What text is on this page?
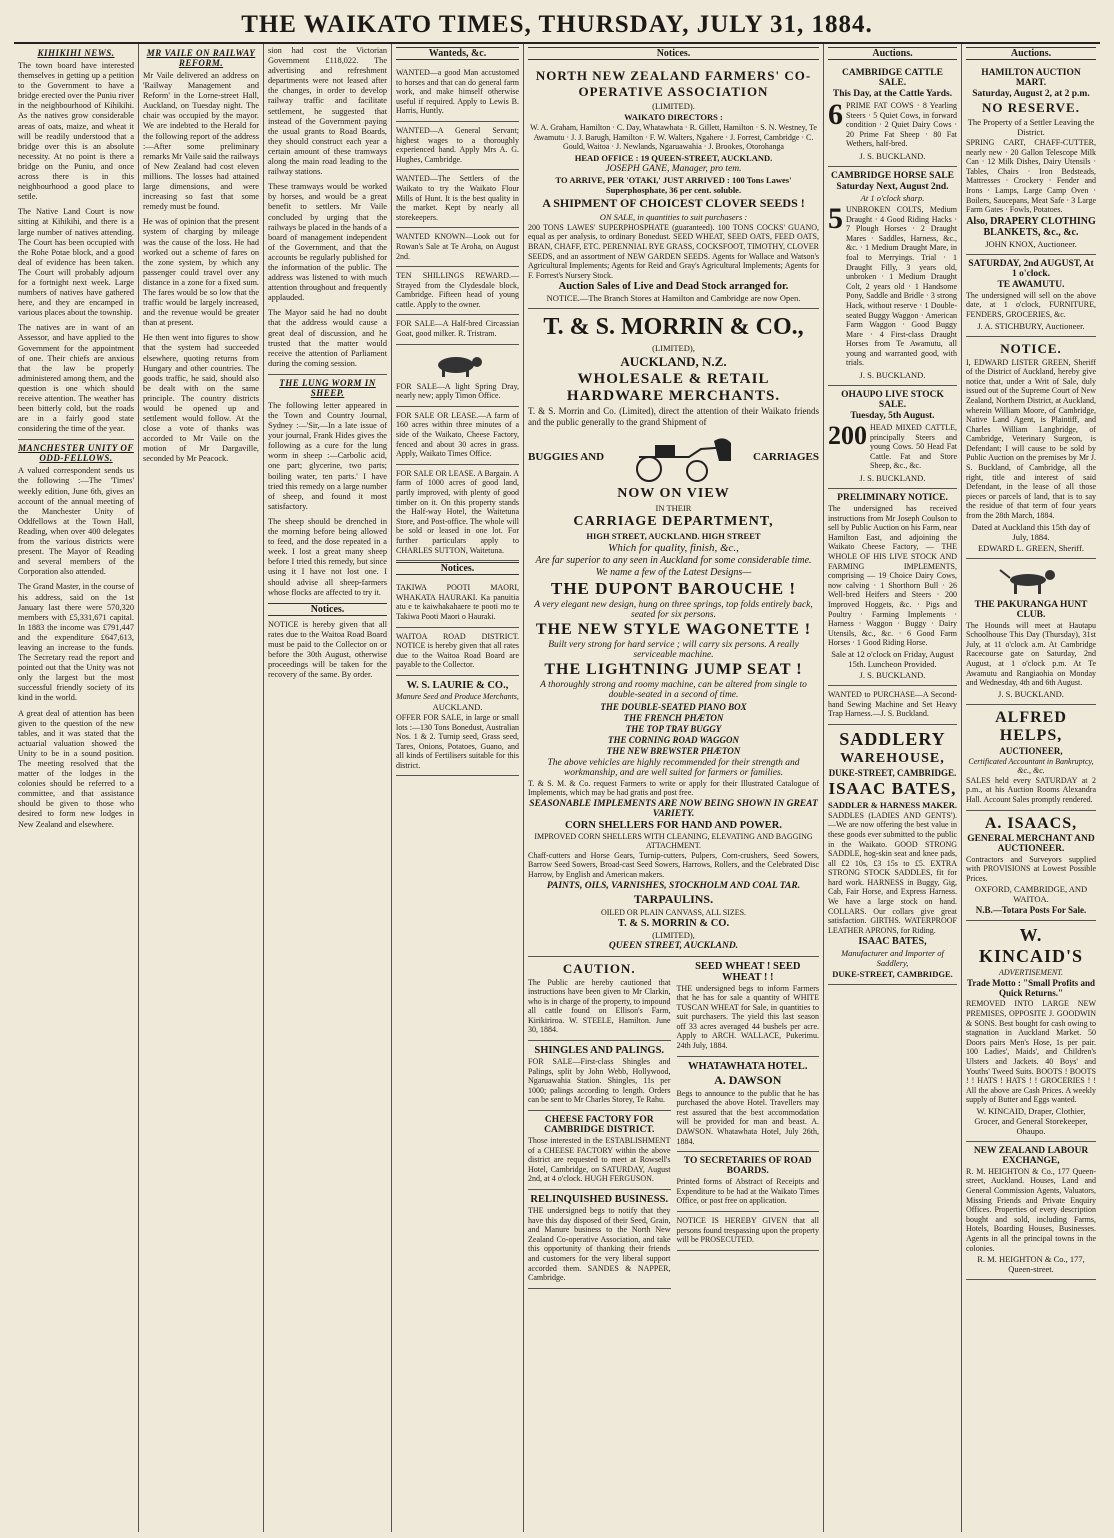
THE WAIKATO TIMES, THURSDAY, JULY 31, 1884.
KIHIKIHI NEWS.

The town board have interested themselves in getting up a petition to the Government to have a bridge erected over the Puniu river in the neighbourhood of Kihikihi. As the natives grow considerable areas of oats, maize, and wheat it will be readily understood that a bridge over this is an absolute necessity. At no point is there a bridge on the Puniu, and once across there is in this neighbourhood a good place to settle.

The Native Land Court is now sitting at Kihikihi, and there is a large number of natives attending. The Court has been occupied with the Rohe Potae block, and a good deal of evidence has been taken. The Court will probably adjourn for a fortnight next week. Large numbers of natives have gathered here, and they are encamped in various places about the township.

The natives are in want of an Assessor, and have applied to the Government for the appointment of one. Their chiefs are anxious that the law be properly administered among them, and the question is one which should receive attention. The weather has been bitterly cold, but the roads are in a fairly good state considering the time of the year.

MANCHESTER UNITY OF ODD-FELLOWS.

A valued correspondent sends us the following :—The 'Times' weekly edition, June 6th, gives an account of the annual meeting of the Manchester Unity of Oddfellows at the Town Hall, Reading, when over 400 delegates from the various districts were present. The Mayor of Reading and several members of the Corporation also attended.

The Grand Master, in the course of his address, said on the 1st January last there were 570,320 members with £5,331,671 capital. In 1883 the income was £791,447 and the expenditure £647,613, leaving an increase to the funds. The Secretary read the report and pointed out that the Unity was not only the largest but the most successful friendly society of its kind in the world.

A great deal of attention has been given to the question of the new tables, and it was stated that the actuarial valuation showed the Unity to be in a sound position. The meeting resolved that the matter of the lodges in the colonies should be referred to a committee, and that assistance should be given to those who desired to form new lodges in New Zealand and elsewhere.

MR VAILE ON RAILWAY REFORM.

Mr Vaile delivered an address on 'Railway Management and Reform' in the Lorne-street Hall, Auckland, on Tuesday night. The chair was occupied by the mayor. We are indebted to the Herald for the following report of the address :—After some preliminary remarks Mr Vaile said the railways of New Zealand had cost eleven millions. The losses had attained large dimensions, and were increasing so fast that some remedy must be found.

He was of opinion that the present system of charging by mileage was the cause of the loss. He had worked out a scheme of fares on the zone system, by which any passenger could travel over any distance in a zone for a fixed sum. The fares would be so low that the traffic would be largely increased, and the revenue would be greater than at present.

He then went into figures to show that the system had succeeded elsewhere, quoting returns from Hungary and other countries. The goods traffic, he said, should also be dealt with on the same principle. The country districts would be opened up and settlement would follow. At the close a vote of thanks was accorded to Mr Vaile on the motion of Mr Dargaville, seconded by Mr Peacock.

sion had cost the Victorian Government £118,022. The advertising and refreshment departments were not leased after the changes, in order to develop railway traffic and facilitate settlement, he suggested that instead of the Government paying the usual grants to Road Boards, they should construct each year a certain amount of these tramways along the main road leading to the railway stations.

These tramways would be worked by horses, and would be a great benefit to settlers. Mr Vaile concluded by urging that the railways be placed in the hands of a board of management independent of the Government, and that the accounts be regularly published for the information of the public. The address was listened to with much attention throughout and frequently applauded.

The Mayor said he had no doubt that the address would cause a great deal of discussion, and he trusted that the matter would receive the attention of Parliament during the coming session.

THE LUNG WORM IN SHEEP.

The following letter appeared in the Town and Country Journal, Sydney :—'Sir,—In a late issue of your journal, Frank Hides gives the following as a cure for the lung worm in sheep :—Carbolic acid, one part; glycerine, two parts; boiling water, ten parts.' I have tried this remedy on a large number of sheep, and found it most satisfactory.

The sheep should be drenched in the morning before being allowed to feed, and the dose repeated in a week. I lost a great many sheep before I tried this remedy, but since using it I have not lost one. I should advise all sheep-farmers whose flocks are affected to try it.

Notices.

NOTICE is hereby given that all rates due to the Waitoa Road Board must be paid to the Collector on or before the 30th August, otherwise proceedings will be taken for the recovery of the same. By order.

Wanteds, &c.
WANTED—a good Man accustomed to horses and that can do general farm work, and make himself otherwise useful if required. Apply to Lewis B. Harris, Huntly.
WANTED—A General Servant; highest wages to a thoroughly experienced hand. Apply Mrs A. G. Hughes, Cambridge.
WANTED—The Settlers of the Waikato to try the Waikato Flour Mills of Hunt. It is the best quality in the market. Kept by nearly all storekeepers.
WANTED KNOWN—Look out for Rowan's Sale at Te Aroha, on August 2nd.
TEN SHILLINGS REWARD.—Strayed from the Clydesdale block, Cambridge. Fifteen head of young cattle. Apply to the owner.
FOR SALE—A Half-bred Circassian Goat, good milker. R. Tristram.
FOR SALE—A light Spring Dray, nearly new; apply Timon Office.
FOR SALE OR LEASE.—A farm of 160 acres within three minutes of a side of the Waikato, Cheese Factory, fenced and about 30 acres in grass. Apply, Waikato Times Office.
FOR SALE OR LEASE. A Bargain. A farm of 1000 acres of good land, partly improved, with plenty of good timber on it. On this property stands the Half-way Hotel, the Waitetuna Store, and Post-office. The whole will be sold or leased in one lot. For further particulars apply to CHARLES SUTTON, Waitetuna.
Notices.
TAKIWA POOTI MAORI, WHAKATA HAURAKI. Ka panuitia atu e te kaiwhakahaere te pooti mo te Takiwa Pooti Maori o Hauraki.
WAITOA ROAD DISTRICT. NOTICE is hereby given that all rates due to the Waitoa Road Board are payable to the Collector.
W. S. LAURIE & CO.,
Manure Seed and Produce Merchants,
AUCKLAND.
OFFER FOR SALE, in large or small lots :—130 Tons Bonedust, Australian Nos. 1 & 2. Turnip seed, Grass seed, Tares, Onions, Potatoes, Guano, and all kinds of Fertilisers suitable for this district.
Notices.
NORTH NEW ZEALAND FARMERS' CO-OPERATIVE ASSOCIATION
(LIMITED).
WAIKATO DIRECTORS :
W. A. Graham, Hamilton · C. Day, Whatawhata · R. Gillett, Hamilton · S. N. Westney, Te Awamutu · J. J. Barugh, Hamilton · F. W. Walters, Ngahere · J. Forrest, Cambridge · C. Gould, Waitoa · J. Newlands, Ngaruawahia · J. Brookes, Otorohanga
HEAD OFFICE : 19 QUEEN-STREET, AUCKLAND.
JOSEPH GANE, Manager, pro tem.
TO ARRIVE, PER 'OTAKI,' JUST ARRIVED : 100 Tons Lawes' Superphosphate, 36 per cent. soluble.
A SHIPMENT OF CHOICEST CLOVER SEEDS !
ON SALE, in quantities to suit purchasers :
200 TONS LAWES' SUPERPHOSPHATE (guaranteed). 100 TONS COCKS' GUANO, equal as per analysis, to ordinary Bonedust. SEED WHEAT, SEED OATS, FEED OATS, BRAN, CHAFF, ETC. PERENNIAL RYE GRASS, COCKSFOOT, TIMOTHY, CLOVER SEEDS, and an assortment of NEW GARDEN SEEDS. Agents for Wallace and Watson's Agricultural Implements; Agents for Reid and Gray's Agricultural Implements; Agents for F. Forrest's Nursery Stock.
Auction Sales of Live and Dead Stock arranged for.
NOTICE.—The Branch Stores at Hamilton and Cambridge are now Open.
T. & S. MORRIN & CO.,
(LIMITED),
AUCKLAND, N.Z.
WHOLESALE & RETAIL HARDWARE MERCHANTS.
T. & S. Morrin and Co. (Limited), direct the attention of their Waikato friends and the public generally to the grand Shipment of
BUGGIES AND	CARRIAGES
NOW ON VIEW
IN THEIR
CARRIAGE DEPARTMENT,
HIGH STREET, AUCKLAND. HIGH STREET
Which for quality, finish, &c.,
Are far superior to any seen in Auckland for some considerable time.
We name a few of the Latest Designs—
THE DUPONT BAROUCHE !
A very elegant new design, hung on three springs, top folds entirely back, seated for six persons.
THE NEW STYLE WAGONETTE !
Built very strong for hard service ; will carry six persons. A really serviceable machine.
THE LIGHTNING JUMP SEAT !
A thoroughly strong and roomy machine, can be altered from single to double-seated in a second of time.
THE DOUBLE-SEATED PIANO BOX
THE FRENCH PHÆTON
THE TOP TRAY BUGGY
THE CORNING ROAD WAGGON
THE NEW BREWSTER PHÆTON
The above vehicles are highly recommended for their strength and workmanship, and are well suited for farmers or families.
T. & S. M. & Co. request Farmers to write or apply for their Illustrated Catalogue of Implements, which may be had gratis and post free.
SEASONABLE IMPLEMENTS ARE NOW BEING SHOWN IN GREAT VARIETY.
CORN SHELLERS FOR HAND AND POWER.
IMPROVED CORN SHELLERS WITH CLEANING, ELEVATING AND BAGGING ATTACHMENT.
Chaff-cutters and Horse Gears, Turnip-cutters, Pulpers, Corn-crushers, Seed Sowers, Barrow Seed Sowers, Broad-cast Seed Sowers, Harrows, Rollers, and the Celebrated Disc Harrow, by English and American makers.
PAINTS, OILS, VARNISHES, STOCKHOLM AND COAL TAR.
TARPAULINS.
OILED OR PLAIN CANVASS, ALL SIZES.
T. & S. MORRIN & CO.
(LIMITED),
QUEEN STREET, AUCKLAND.
CAUTION.
The Public are hereby cautioned that instructions have been given to Mr Clarkin, who is in charge of the property, to impound all cattle found on Ellison's Farm, Kirikiriroa. W. STEELE, Hamilton. June 30, 1884.
SHINGLES AND PALINGS.
FOR SALE—First-class Shingles and Palings, split by John Webb, Hollywood, Ngaruawahia Station. Shingles, 11s per 1000; palings according to length. Orders can be sent to Mr Charles Storey, Te Rahu.
CHEESE FACTORY FOR CAMBRIDGE DISTRICT.
Those interested in the ESTABLISHMENT of a CHEESE FACTORY within the above district are requested to meet at Rowsell's Hotel, Cambridge, on SATURDAY, August 2nd, at 4 o'clock. HUGH FERGUSON.
RELINQUISHED BUSINESS.
THE undersigned begs to notify that they have this day disposed of their Seed, Grain, and Manure business to the North New Zealand Co-operative Association, and take this opportunity of thanking their friends and customers for the very liberal support accorded them. SANDES & NAPPER, Cambridge.
SEED WHEAT ! SEED WHEAT ! !
THE undersigned begs to inform Farmers that he has for sale a quantity of WHITE TUSCAN WHEAT for Sale, in quantities to suit purchasers. The yield this last season off 33 acres averaged 44 bushels per acre. Apply to ARCH. WALLACE, Pukerimu. 24th July, 1884.
WHATAWHATA HOTEL.
A. DAWSON
Begs to announce to the public that he has purchased the above Hotel. Travellers may rest assured that the best accommodation will be provided for man and beast. A. DAWSON. Whatawhata Hotel, July 26th, 1884.
TO SECRETARIES OF ROAD BOARDS.
Printed forms of Abstract of Receipts and Expenditure to be had at the Waikato Times Office, or post free on application.
NOTICE IS HEREBY GIVEN that all persons found trespassing upon the property will be PROSECUTED.
Auctions.
CAMBRIDGE CATTLE SALE.
This Day, at the Cattle Yards.
6 PRIME FAT COWS · 8 Yearling Steers · 5 Quiet Cows, in forward condition · 2 Quiet Dairy Cows · 20 Prime Fat Sheep · 80 Fat Wethers, half-bred.
J. S. BUCKLAND.
CAMBRIDGE HORSE SALE
Saturday Next, August 2nd.
At 1 o'clock sharp.
5 UNBROKEN COLTS, Medium Draught · 4 Good Riding Hacks · 7 Plough Horses · 2 Draught Mares · Saddles, Harness, &c., &c. · 1 Medium Draught Mare, in foal to Merryings. Trial · 1 Draught Filly, 3 years old, unbroken · 1 Medium Draught Colt, 2 years old · 1 Handsome Pony, Saddle and Bridle · 3 strong Hack, without reserve · 1 Double-seated Buggy Waggon · American Farm Waggon · Good Buggy Mare · 4 First-class Draught Horses from Te Awamutu, all young and warranted good, with trials.
J. S. BUCKLAND.
OHAUPO LIVE STOCK SALE.
Tuesday, 5th August.
200 HEAD MIXED CATTLE, principally Steers and young Cows. 50 Head Fat Cattle. Fat and Store Sheep, &c., &c.
J. S. BUCKLAND.
PRELIMINARY NOTICE.
The undersigned has received instructions from Mr Joseph Coulson to sell by Public Auction on his Farm, near Hamilton East, and adjoining the Waikato Cheese Factory, — THE WHOLE OF HIS LIVE STOCK AND FARMING IMPLEMENTS, comprising — 19 Choice Dairy Cows, now calving · 1 Shorthorn Bull · 26 Well-bred Heifers and Steers · 200 Improved Hoggets, &c. · Pigs and Poultry · Farming Implements · Harness · Waggon · Buggy · Dairy Utensils, &c., &c. · 6 Good Farm Horses · 1 Good Riding Horse.
Sale at 12 o'clock on Friday, August 15th. Luncheon Provided.
J. S. BUCKLAND.
WANTED to PURCHASE—A Second-hand Sewing Machine and Set Heavy Trap Harness.—J. S. Buckland.
SADDLERY
WAREHOUSE,
DUKE-STREET, CAMBRIDGE.
ISAAC BATES,
SADDLER & HARNESS MAKER.
SADDLES (LADIES AND GENTS').—We are now offering the best value in these goods ever submitted to the public in the Waikato. GOOD STRONG SADDLE, hog-skin seat and knee pads, all £2 10s, £3 15s to £5. EXTRA STRONG STOCK SADDLES, fit for hard work. HARNESS in Buggy, Gig, Cab, Fair Horse, and Express Harness. We have a large stock on hand. COLLARS. Our collars give great satisfaction. GIRTHS. WATERPROOF LEATHER APRONS, for Riding.
ISAAC BATES,
Manufacturer and Importer of Saddlery,
DUKE-STREET, CAMBRIDGE.
Auctions.
HAMILTON AUCTION MART.
Saturday, August 2, at 2 p.m.
NO RESERVE.
The Property of a Settler Leaving the District.
SPRING CART, CHAFF-CUTTER, nearly new · 20 Gallon Telescope Milk Can · 12 Milk Dishes, Dairy Utensils · Tables, Chairs · Iron Bedsteads, Mattresses · Crockery · Fender and Irons · Lamps, Large Camp Oven · Boilers, Saucepans, Meat Safe · 3 Large Farm Gates · Fowls, Potatoes.
Also, DRAPERY CLOTHING BLANKETS, &c., &c.
JOHN KNOX, Auctioneer.
SATURDAY, 2nd AUGUST, At 1 o'clock.
TE AWAMUTU.
The undersigned will sell on the above date, at 1 o'clock, FURNITURE, FENDERS, GROCERIES, &c.
J. A. STICHBURY, Auctioneer.
NOTICE.
I, EDWARD LISTER GREEN, Sheriff of the District of Auckland, hereby give notice that, under a Writ of Sale, duly issued out of the Supreme Court of New Zealand, Northern District, at Auckland, wherein William Moore, of Cambridge, Native Land Agent, is Plaintiff, and Charles William Langbridge, of Cambridge, Veterinary Surgeon, is Defendant; I will cause to be sold by Public Auction on the premises by Mr J. S. Buckland, of Cambridge, all the right, title and interest of said Defendant, in the lease of all those pieces or parcels of land, that is to say the residue of that term of four years from the 28th March, 1884.
Dated at Auckland this 15th day of July, 1884.
EDWARD L. GREEN, Sheriff.
THE PAKURANGA HUNT CLUB.
The Hounds will meet at Hautapu Schoolhouse This Day (Thursday), 31st July, at 11 o'clock a.m. At Cambridge Racecourse gate on Saturday, 2nd August, at 1 o'clock p.m. At Te Awamutu and Rangiaohia on Monday and Wednesday, 4th and 6th August.
J. S. BUCKLAND.
ALFRED HELPS,
AUCTIONEER,
Certificated Accountant in Bankruptcy, &c., &c.
SALES held every SATURDAY at 2 p.m., at his Auction Rooms Alexandra Hall. Account Sales promptly rendered.
A. ISAACS,
GENERAL MERCHANT AND AUCTIONEER.
Contractors and Surveyors supplied with PROVISIONS at Lowest Possible Prices.
OXFORD, CAMBRIDGE, AND WAITOA.
N.B.—Totara Posts For Sale.
W. KINCAID'S
ADVERTISEMENT.
Trade Motto : "Small Profits and Quick Returns."
REMOVED INTO LARGE NEW PREMISES, OPPOSITE J. GOODWIN & SONS. Best bought for cash owing to stagnation in Auckland Market. 50 Doors pairs Men's Hose, 1s per pair. 100 Ladies', Maids', and Children's Ulsters and Jackets. 40 Boys' and Youths' Tweed Suits. BOOTS ! BOOTS ! ! HATS ! HATS ! ! GROCERIES ! ! All the above are Cash Prices. A weekly supply of Butter and Eggs wanted.
W. KINCAID, Draper, Clothier, Grocer, and General Storekeeper, Ohaupo.
NEW ZEALAND LABOUR EXCHANGE,
R. M. HEIGHTON & Co., 177 Queen-street, Auckland. Houses, Land and General Commission Agents, Valuators, Missing Friends and Private Enquiry Offices. Properties of every description bought and sold, including Farms, Hotels, Boarding Houses, Businesses. Agents in all the principal towns in the colonies.
R. M. HEIGHTON & Co., 177, Queen-street.
